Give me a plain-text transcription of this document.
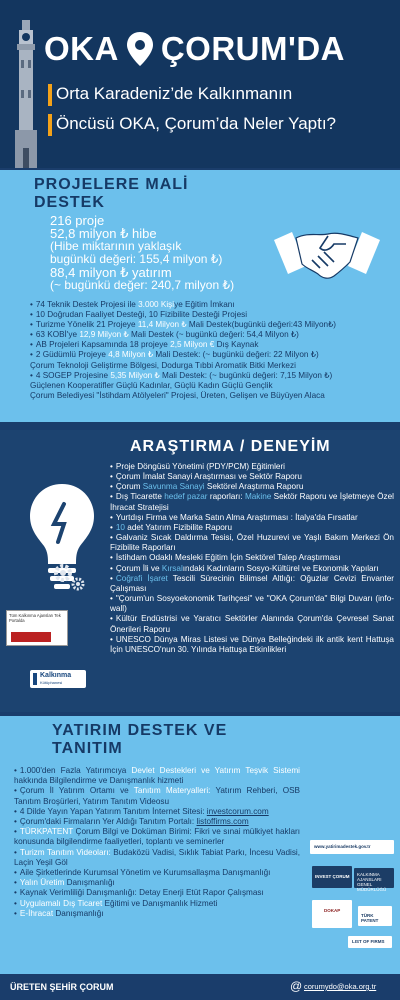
OKA ÇORUM'DA
Orta Karadeniz’de Kalkınmanın
Öncüsü OKA, Çorum’da Neler Yaptı?
PROJELERE MALİ
DESTEK
216 proje
52,8 milyon ₺ hibe
(Hibe miktarının yaklaşık
bugünkü değeri: 155,4 milyon ₺)
88,4 milyon ₺ yatırım
(~ bugünkü değer: 240,7 milyon ₺)
• 74 Teknik Destek Projesi ile 3.000 Kişiye Eğitim İmkanı
• 10 Doğrudan Faaliyet Desteği, 10 Fizibilite Desteği Projesi
• Turizme Yönelik 21 Projeye 11,4 Milyon ₺ Mali Destek(bugünkü değeri:43 Milyon₺)
• 63 KOBİ'ye 12,9 Milyon ₺ Mali Destek (~ bugünkü değeri: 54,4 Milyon ₺)
• AB Projeleri Kapsamında 18 projeye 2,5 Milyon € Dış Kaynak
• 2 Güdümlü Projeye 4,8 Milyon ₺ Mali Destek: (~ bugünkü değeri: 22 Milyon ₺)
Çorum Teknoloji Geliştirme Bölgesi, Dodurga Tıbbi Aromatik Bitki Merkezi
• 4 SOGEP Projesine 5,35 Milyon ₺ Mali Destek: (~ bugünkü değeri: 7,15 Milyon ₺)
Güçlenen Kooperatifler Güçlü Kadınlar, Güçlü Kadın Güçlü Gençlik
Çorum Belediyesi "İstihdam Atölyeleri" Projesi, Üreten, Gelişen ve Büyüyen Alaca
ARAŞTIRMA / DENEYİM
Tüm Kalkınma Ajansları Tek Portalda
Kalkınma
Kütüphanesi
• Proje Döngüsü Yönetimi (PDY/PCM) Eğitimleri
• Çorum İmalat Sanayi Araştırması ve Sektör Raporu
• Çorum Savunma Sanayi Sektörel Araştırma Raporu
• Dış Ticarette hedef pazar raporları: Makine Sektör Raporu ve İşletmeye Özel İhracat Stratejisi
• Yurtdışı Firma ve Marka Satın Alma Araştırması : İtalya'da Fırsatlar
• 10 adet Yatırım Fizibilite Raporu
• Galvaniz Sıcak Daldırma Tesisi, Özel Huzurevi ve Yaşlı Bakım Merkezi Ön Fizibilite Raporları
• İstihdam Odaklı Mesleki Eğitim İçin Sektörel Talep Araştırması
• Çorum İli ve Kırsalındaki Kadınların Sosyo-Kültürel ve Ekonomik Yapıları
• Coğrafi İşaret Tescili Sürecinin Bilimsel Altlığı: Oğuzlar Cevizi Envanter Çalışması
• "Çorum'un Sosyoekonomik Tarihçesi" ve "OKA Çorum'da" Bilgi Duvarı (info-wall)
• Kültür Endüstrisi ve Yaratıcı Sektörler Alanında Çorum'da Çevresel Sanat Önerileri Raporu
• UNESCO Dünya Miras Listesi ve Dünya Belleğindeki ilk antik kent Hattuşa İçin UNESCO'nun 30. Yılında Hattuşa Etkinlikleri
YATIRIM DESTEK VE
TANITIM
• 1.000'den Fazla Yatırımcıya Devlet Destekleri ve Yatırım Teşvik Sistemi hakkında Bilgilendirme ve Danışmanlık hizmeti
• Çorum İl Yatırım Ortamı ve Tanıtım Materyalleri: Yatırım Rehberi, OSB Tanıtım Broşürleri, Yatırım Tanıtım Videosu
• 4 Dilde Yayın Yapan Yatırım Tanıtım İnternet Sitesi: investcorum.com
• Çorum'daki Firmaların Yer Aldığı Tanıtım Portalı: listoffirms.com
• TÜRKPATENT Çorum Bilgi ve Doküman Birimi: Fikri ve sınai mülkiyet hakları konusunda bilgilendirme faaliyetleri, toplantı ve seminerler
• Turizm Tanıtım Videoları: Budaközü Vadisi, Sıklık Tabiat Parkı, İncesu Vadisi, Laçin Yeşil Göl
• Aile Şirketlerinde Kurumsal Yönetim ve Kurumsallaşma Danışmanlığı
• Yalın Üretim Danışmanlığı
• Kaynak Verimliliği Danışmanlığı: Detay Enerji Etüt Rapor Çalışması
• Uygulamalı Dış Ticaret Eğitimi ve Danışmanlık Hizmeti
• E-İhracat Danışmanlığı
www.yatirimadestek.gov.tr
INVEST ÇORUM KALKINMA AJANSLARI GENEL MÜDÜRLÜĞÜ
DOKAP
TÜRK PATENT
LIST OF FIRMS
ÜRETEN ŞEHİR ÇORUM	@ corumydo@oka.org.tr
